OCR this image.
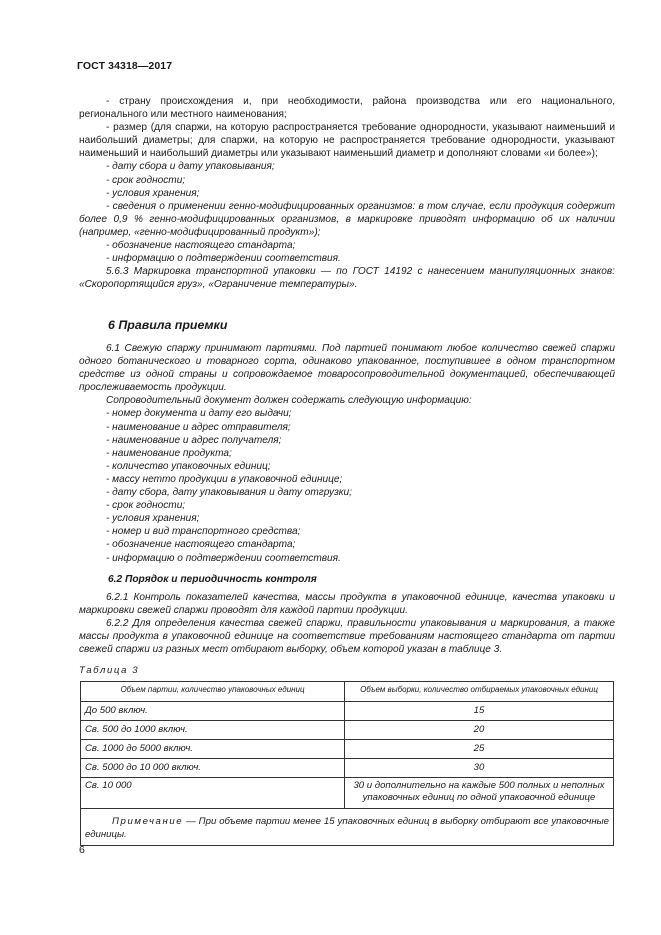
ГОСТ 34318—2017

- страну происхождения и, при необходимости, района производства или его национального, регионального или местного наименования;

- размер (для спаржи, на которую распространяется требование однородности, указывают наименьший и наибольший диаметры; для спаржи, на которую не распространяется требование однородности, указывают наименьший и наибольший диаметры или указывают наименьший диаметр и дополняют словами «и более»);

- дату сбора и дату упаковывания;

- срок годности;

- условия хранения;

- сведения о применении генно-модифицированных организмов: в том случае, если продукция содержит более 0,9 % генно-модифицированных организмов, в маркировке приводят информацию об их наличии (например, «генно-модифицированный продукт»);

- обозначение настоящего стандарта;

- информацию о подтверждении соответствия.

5.6.3 Маркировка транспортной упаковки — по ГОСТ 14192 с нанесением манипуляционных знаков: «Скоропортящийся груз», «Ограничение температуры».

6 Правила приемки

6.1 Свежую спаржу принимают партиями. Под партией понимают любое количество свежей спаржи одного ботанического и товарного сорта, одинаково упакованное, поступившее в одном транспортном средстве из одной страны и сопровождаемое товаросопроводительной документацией, обеспечивающей прослеживаемость продукции.

Сопроводительный документ должен содержать следующую информацию:

- номер документа и дату его выдачи;

- наименование и адрес отправителя;

- наименование и адрес получателя;

- наименование продукта;

- количество упаковочных единиц;

- массу нетто продукции в упаковочной единице;

- дату сбора, дату упаковывания и дату отгрузки;

- срок годности;

- условия хранения;

- номер и вид транспортного средства;

- обозначение настоящего стандарта;

- информацию о подтверждении соответствия.

6.2 Порядок и периодичность контроля

6.2.1 Контроль показателей качества, массы продукта в упаковочной единице, качества упаковки и маркировки свежей спаржи проводят для каждой партии продукции.

6.2.2 Для определения качества свежей спаржи, правильности упаковывания и маркирования, а также массы продукта в упаковочной единице на соответствие требованиям настоящего стандарта от партии свежей спаржи из разных мест отбирают выборку, объем которой указан в таблице 3.

Таблица 3

Объем партии, количество упаковочных единиц	Объем выборки, количество отбираемых упаковочных единиц
До 500 включ.	15
Св. 500 до 1000 включ.	20
Св. 1000 до 5000 включ.	25
Св. 5000 до 10 000 включ.	30
Св. 10 000	30 и дополнительно на каждые 500 полных и неполных упаковочных единиц по одной упаковочной единице
Примечание — При объеме партии менее 15 упаковочных единиц в выборку отбирают все упаковочные единицы.	
6
